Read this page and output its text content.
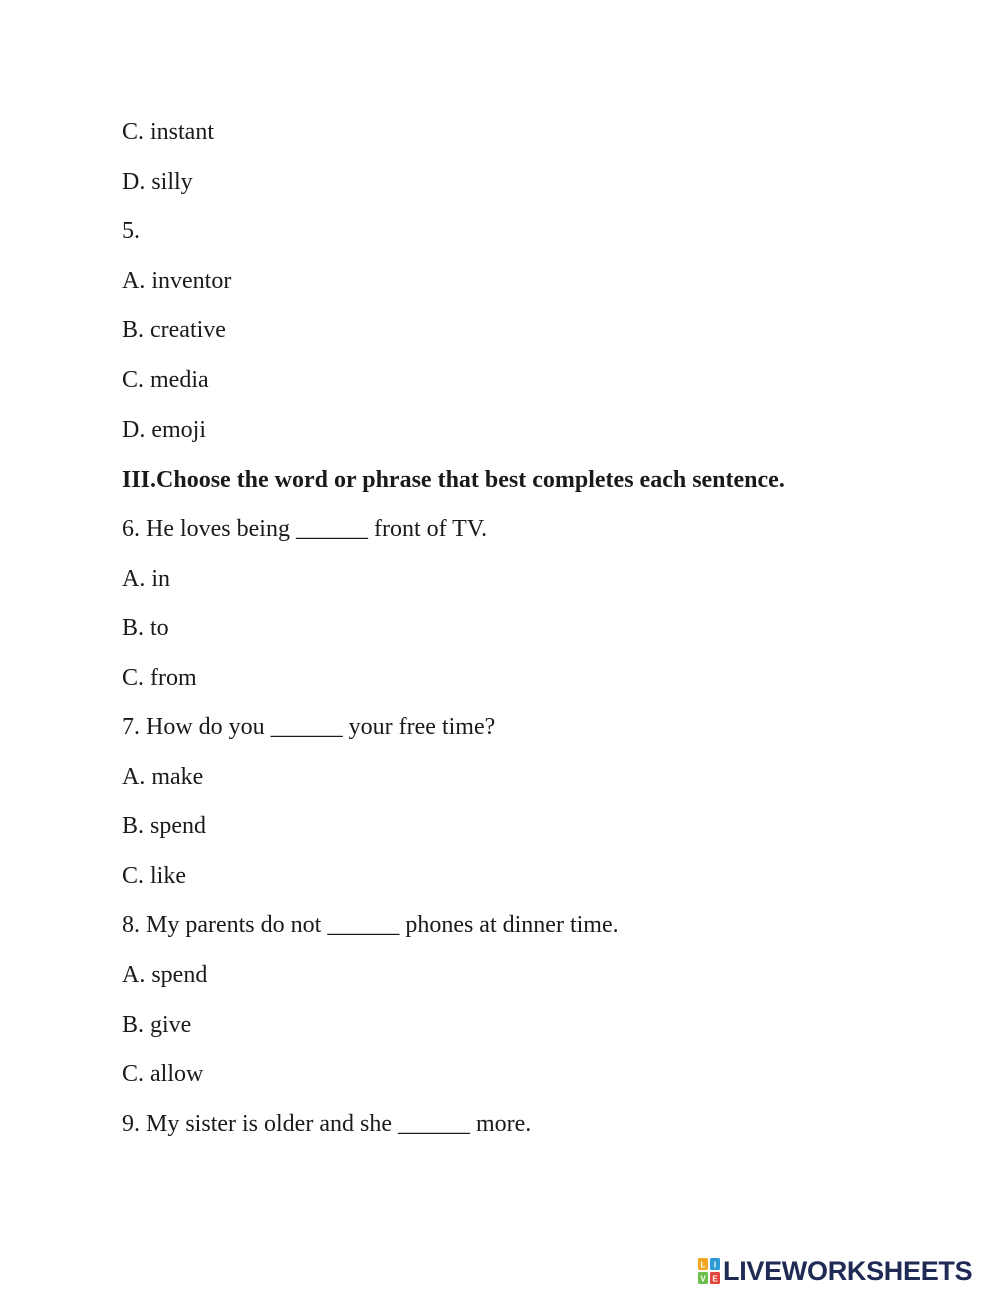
C. instant
D. silly
5.
A. inventor
B. creative
C. media
D. emoji
III.Choose the word or phrase that best completes each sentence.
6. He loves being ______ front of TV.
A. in
B. to
C. from
7. How do you ______ your free time?
A. make
B. spend
C. like
8. My parents do not ______ phones at dinner time.
A. spend
B. give
C. allow
9. My sister is older and she ______ more.
L I
V E LIVEWORKSHEETS
